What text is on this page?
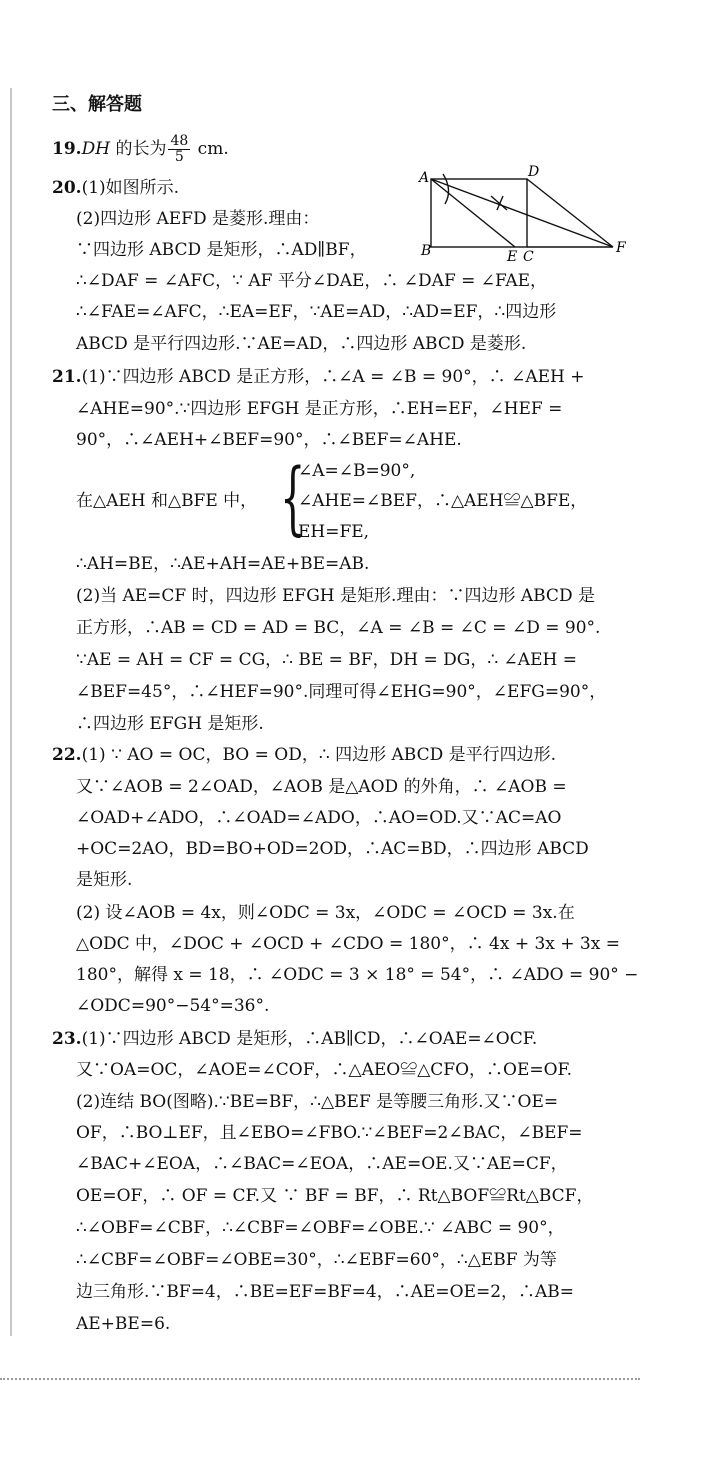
三、解答题
19.DH 的长为 $\frac{48}{5}$ cm.
20.(1)如图所示.
(2)四边形 AEFD 是菱形.理由：
∵四边形 ABCD 是矩形，∴AD∥BF，
∴∠DAF = ∠AFC，∵ AF 平分∠DAE，∴ ∠DAF = ∠FAE，
∴∠FAE=∠AFC，∴EA=EF，∵AE=AD，∴AD=EF，∴四边形
ABCD 是平行四边形.∵AE=AD，∴四边形 ABCD 是菱形.
A	D
B	E C
F
21.(1)∵四边形 ABCD 是正方形，∴∠A = ∠B = 90°，∴ ∠AEH +
∠AHE=90°.∵四边形 EFGH 是正方形，∴EH=EF，∠HEF =
90°，∴∠AEH+∠BEF=90°，∴∠BEF=∠AHE.
在△AEH 和△BFE 中， {
∠A=∠B=90°,
∠AHE=∠BEF，∴△AEH≌△BFE，
EH=FE,
∴AH=BE，∴AE+AH=AE+BE=AB.
(2)当 AE=CF 时，四边形 EFGH 是矩形.理由：∵四边形 ABCD 是
正方形，∴AB = CD = AD = BC，∠A = ∠B = ∠C = ∠D = 90°.
∵AE = AH = CF = CG，∴ BE = BF，DH = DG，∴ ∠AEH =
∠BEF=45°，∴∠HEF=90°.同理可得∠EHG=90°，∠EFG=90°，
∴四边形 EFGH 是矩形.
22.(1) ∵ AO = OC，BO = OD，∴ 四边形 ABCD 是平行四边形.
又∵∠AOB = 2∠OAD，∠AOB 是△AOD 的外角，∴ ∠AOB =
∠OAD+∠ADO，∴∠OAD=∠ADO，∴AO=OD.又∵AC=AO
+OC=2AO，BD=BO+OD=2OD，∴AC=BD，∴四边形 ABCD
是矩形.
(2) 设∠AOB = 4x，则∠ODC = 3x，∠ODC = ∠OCD = 3x.在
△ODC 中，∠DOC + ∠OCD + ∠CDO = 180°，∴ 4x + 3x + 3x =
180°，解得 x = 18，∴ ∠ODC = 3 × 18° = 54°，∴ ∠ADO = 90° −
∠ODC=90°−54°=36°.
23.(1)∵四边形 ABCD 是矩形，∴AB∥CD，∴∠OAE=∠OCF.
又∵OA=OC，∠AOE=∠COF，∴△AEO≌△CFO，∴OE=OF.
(2)连结 BO(图略).∵BE=BF，∴△BEF 是等腰三角形.又∵OE=
OF，∴BO⊥EF，且∠EBO=∠FBO.∵∠BEF=2∠BAC，∠BEF=
∠BAC+∠EOA，∴∠BAC=∠EOA，∴AE=OE.又∵AE=CF，
OE=OF，∴ OF = CF.又 ∵ BF = BF，∴ Rt△BOF≌Rt△BCF，
∴∠OBF=∠CBF，∴∠CBF=∠OBF=∠OBE.∵ ∠ABC = 90°，
∴∠CBF=∠OBF=∠OBE=30°，∴∠EBF=60°，∴△EBF 为等
边三角形.∵BF=4，∴BE=EF=BF=4，∴AE=OE=2，∴AB=
AE+BE=6.
